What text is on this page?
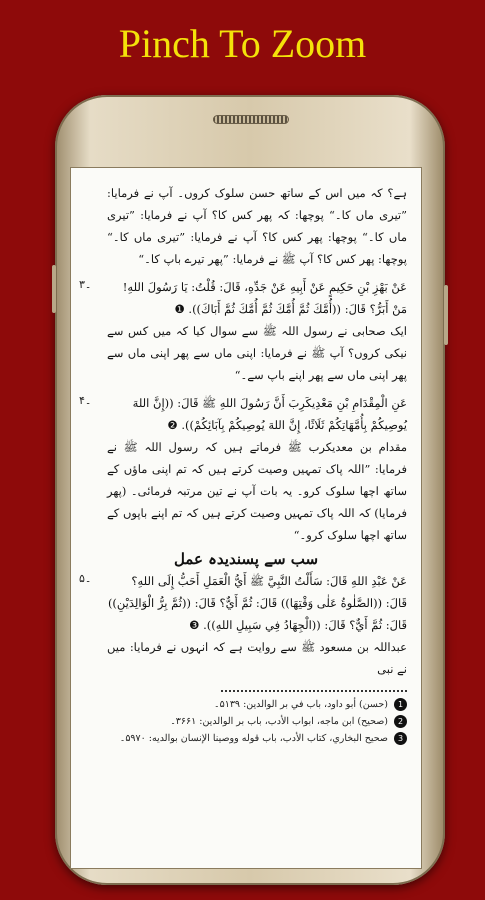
Pinch To Zoom
ہے؟ کہ میں اس کے ساتھ حسن سلوک کروں۔ آپ نے فرمایا: ”تیری ماں کا۔“ پوچھا: کہ پھر کس کا؟ آپ نے فرمایا: ”تیری ماں کا۔“ پوچھا: پھر کس کا؟ آپ نے فرمایا: ”تیری ماں کا۔“ پوچھا: پھر کس کا؟ آپ ﷺ نے فرمایا: ”پھر تیرے باپ کا۔“
۳۔	عَنْ بَهْزِ بْنِ حَكِيمٍ عَنْ أَبِيهِ عَنْ جَدِّهِ، قَالَ: قُلْتُ: يَا رَسُولَ اللهِ! مَنْ أَبَرُّ؟ قَالَ: ((أُمَّكَ ثُمَّ أُمَّكَ ثُمَّ أُمَّكَ ثُمَّ أَبَاكَ)). ❶
ایک صحابی نے رسول اللہ ﷺ سے سوال کیا کہ میں کس سے نیکی کروں؟ آپ ﷺ نے فرمایا: اپنی ماں سے پھر اپنی ماں سے پھر اپنی ماں سے پھر اپنے باپ سے۔“
۴۔	عَنِ الْمِقْدَامِ بْنِ مَعْدِيكَرِبَ أَنَّ رَسُولَ اللهِ ﷺ قَالَ: ((إِنَّ اللهَ يُوصِيكُمْ بِأُمَّهَاتِكُمْ ثَلَاثًا، إِنَّ اللهَ يُوصِيكُمْ بِآبَائِكُمْ)). ❷
مقدام بن معدیکرب ﷺ فرماتے ہیں کہ رسول اللہ ﷺ نے فرمایا: ”اللہ پاک تمہیں وصیت کرتے ہیں کہ تم اپنی ماؤں کے ساتھ اچھا سلوک کرو۔ یہ بات آپ نے تین مرتبہ فرمائی۔ (پھر فرمایا) کہ اللہ پاک تمہیں وصیت کرتے ہیں کہ تم اپنے باپوں کے ساتھ اچھا سلوک کرو۔“
سب سے پسندیدہ عمل
۵۔	عَنْ عَبْدِ اللهِ قَالَ: سَأَلْتُ النَّبِيَّ ﷺ أَيُّ الْعَمَلِ أَحَبُّ إِلَى اللهِ؟ قَالَ: ((الصَّلٰوةُ عَلٰى وَقْتِهَا)) قَالَ: ثُمَّ أَيٌّ؟ قَالَ: ((ثُمَّ بِرُّ الْوَالِدَيْنِ)) قَالَ: ثُمَّ أَيٌّ؟ قَالَ: ((الْجِهَادُ فِي سَبِيلِ اللهِ)). ❸
عبداللہ بن مسعود ﷺ سے روایت ہے کہ انہوں نے فرمایا: میں نے نبی
1
(حسن) أبو داود، باب في بر الوالدين: ۵۱۳۹۔
2
(صحيح) ابن ماجه، ابواب الأدب، باب بر الوالدين: ۳۶۶۱۔
3
صحيح البخاري، كتاب الأدب، باب قوله ووصينا الإنسان بوالديه: ۵۹۷۰۔
